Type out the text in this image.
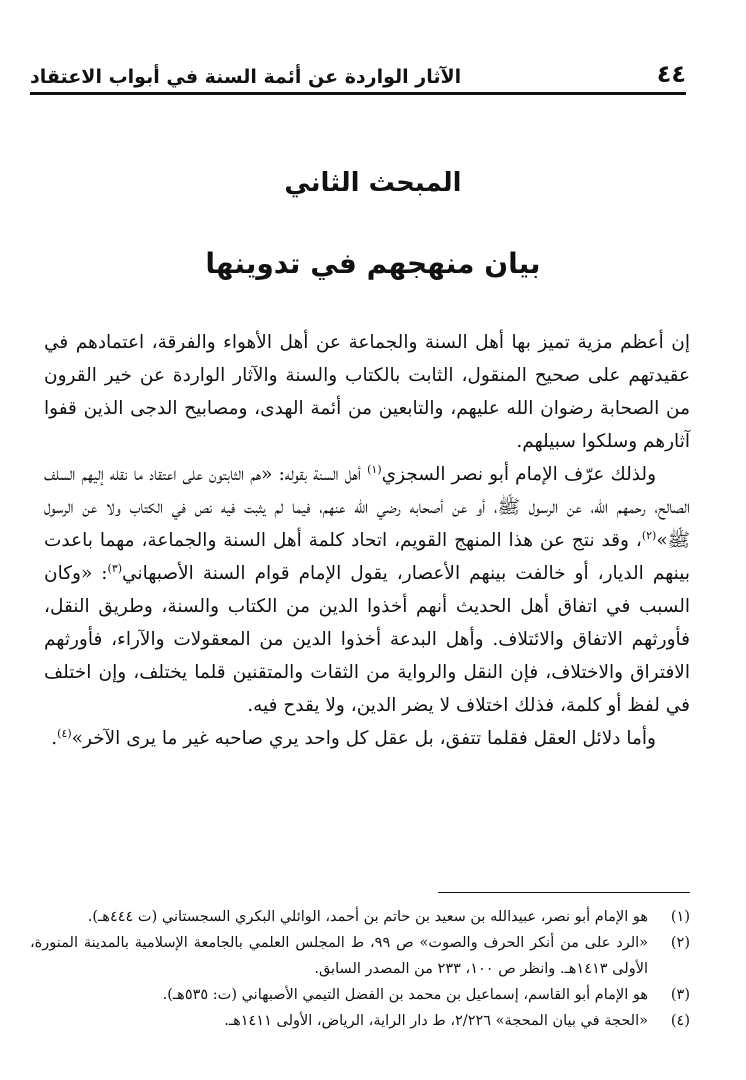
٤٤
الآثار الواردة عن أئمة السنة في أبواب الاعتقاد
المبحث الثاني
بيان منهجهم في تدوينها

إن أعظم مزية تميز بها أهل السنة والجماعة عن أهل الأهواء والفرقة، اعتمادهم في عقيدتهم على صحيح المنقول، الثابت بالكتاب والسنة والآثار الواردة عن خير القرون من الصحابة رضوان الله عليهم، والتابعين من أئمة الهدى، ومصابيح الدجى الذين قفوا آثارهم وسلكوا سبيلهم.

ولذلك عرّف الإمام أبو نصر السجزي$^{(١)}$ أهل السنة بقوله: «هم الثابتون على اعتقاد ما نقله إليهم السلف الصالح، رحمهم الله، عن الرسول ﷺ، أو عن أصحابه رضي الله عنهم، فيما لم يثبت فيه نص في الكتاب ولا عن الرسول ﷺ»$^{(٢)}$، وقد نتج عن هذا المنهج القويم، اتحاد كلمة أهل السنة والجماعة، مهما باعدت بينهم الديار، أو خالفت بينهم الأعصار، يقول الإمام قوام السنة الأصبهاني$^{(٣)}$: «وكان السبب في اتفاق أهل الحديث أنهم أخذوا الدين من الكتاب والسنة، وطريق النقل، فأورثهم الاتفاق والائتلاف. وأهل البدعة أخذوا الدين من المعقولات والآراء، فأورثهم الافتراق والاختلاف، فإن النقل والرواية من الثقات والمتقنين قلما يختلف، وإن اختلف في لفظ أو كلمة، فذلك اختلاف لا يضر الدين، ولا يقدح فيه.

وأما دلائل العقل فقلما تتفق، بل عقل كل واحد يري صاحبه غير ما يرى الآخر»$^{(٤)}$.

(١)
هو الإمام أبو نصر، عبيدالله بن سعيد بن حاتم بن أحمد، الوائلي البكري السجستاني (ت ٤٤٤هـ).
(٢)
«الرد على من أنكر الحرف والصوت» ص ٩٩، ط المجلس العلمي بالجامعة الإسلامية بالمدينة المنورة، الأولى ١٤١٣هـ. وانظر ص ١٠٠، ٢٣٣ من المصدر السابق.
(٣)
هو الإمام أبو القاسم، إسماعيل بن محمد بن الفضل التيمي الأصبهاني (ت: ٥٣٥هـ).
(٤)
«الحجة في بيان المحجة» ٢/٢٢٦، ط دار الراية، الرياض، الأولى ١٤١١هـ.
